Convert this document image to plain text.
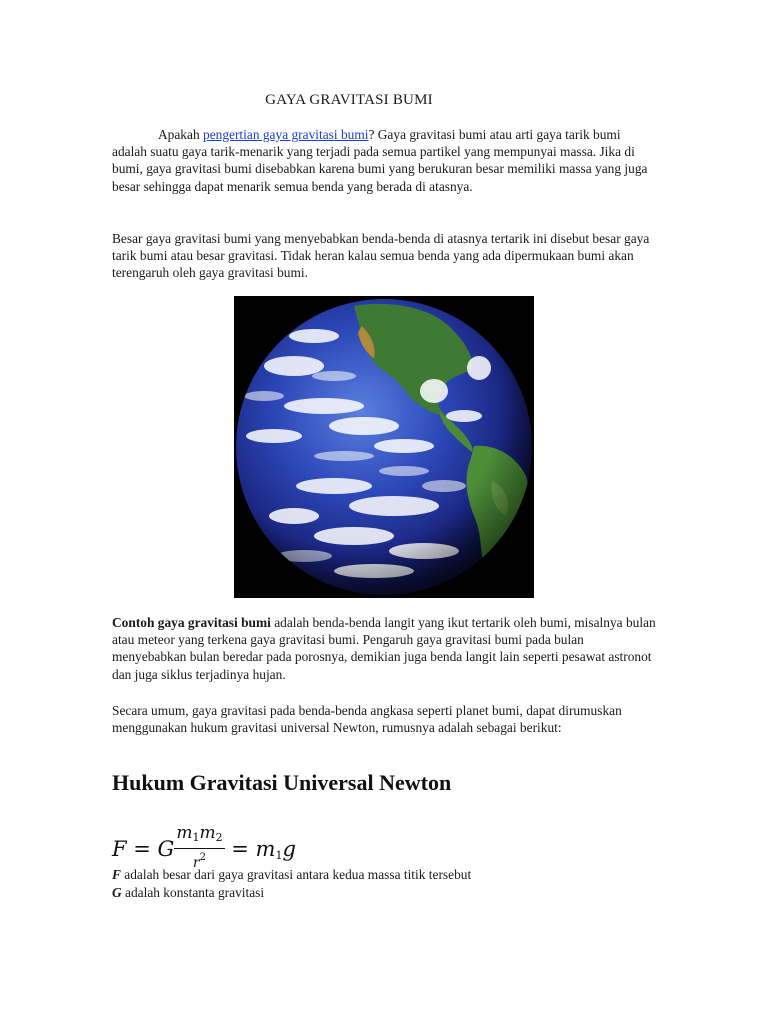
GAYA GRAVITASI BUMI
Apakah pengertian gaya gravitasi bumi? Gaya gravitasi bumi atau arti gaya tarik bumi adalah suatu gaya tarik-menarik yang terjadi pada semua partikel yang mempunyai massa. Jika di bumi, gaya gravitasi bumi disebabkan karena bumi yang berukuran besar memiliki massa yang juga besar sehingga dapat menarik semua benda yang berada di atasnya.
Besar gaya gravitasi bumi yang menyebabkan benda-benda di atasnya tertarik ini disebut besar gaya tarik bumi atau besar gravitasi. Tidak heran kalau semua benda yang ada dipermukaan bumi akan terengaruh oleh gaya gravitasi bumi.
Contoh gaya gravitasi bumi adalah benda-benda langit yang ikut tertarik oleh bumi, misalnya bulan atau meteor yang terkena gaya gravitasi bumi. Pengaruh gaya gravitasi bumi pada bulan menyebabkan bulan beredar pada porosnya, demikian juga benda langit lain seperti pesawat astronot dan juga siklus terjadinya hujan.
Secara umum, gaya gravitasi pada benda-benda angkasa seperti planet bumi, dapat dirumuskan menggunakan hukum gravitasi universal Newton, rumusnya adalah sebagai berikut:
Hukum Gravitasi Universal Newton
F = G $\frac{m_1m_2}{r^2} = m_1g$
F adalah besar dari gaya gravitasi antara kedua massa titik tersebut
G adalah konstanta gravitasi
